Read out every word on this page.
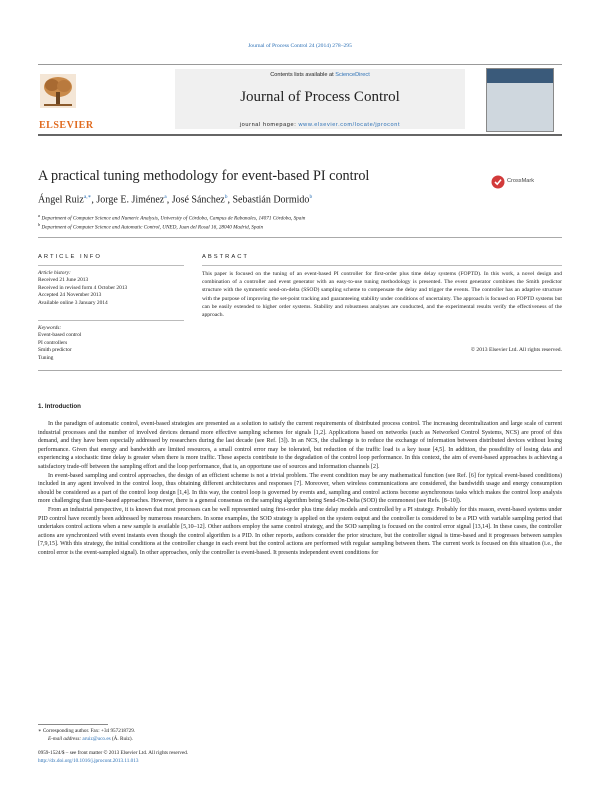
Journal of Process Control 24 (2014) 278–295
Contents lists available at ScienceDirect
Journal of Process Control
journal homepage: www.elsevier.com/locate/jprocont
ELSEVIER
A practical tuning methodology for event-based PI control	CrossMark
Ángel Ruiz$^{a,∗}$, Jorge E. Jiménez$^a$, José Sánchez$^b$, Sebastián Dormido$^b$
$^a$ Department of Computer Science and Numeric Analysis, University of Córdoba, Campus de Rabanales, 14071 Córdoba, Spain
$^b$ Department of Computer Science and Automatic Control, UNED, Juan del Rosal 16, 28040 Madrid, Spain
ARTICLE INFO
Article history:
Received 21 June 2013
Received in revised form 4 October 2013
Accepted 24 November 2013
Available online 3 January 2014
Keywords:
Event-based control
PI controllers
Smith predictor
Tuning
ABSTRACT
This paper is focused on the tuning of an event-based PI controller for first-order plus time delay systems (FOPTD). In this work, a novel design and combination of a controller and event generator with an easy-to-use tuning methodology is presented. The event generator combines the Smith predictor structure with the symmetric send-on-delta (SSOD) sampling scheme to compensate the delay and trigger the events. The controller has an adaptive structure with the purpose of improving the set-point tracking and guaranteeing stability under conditions of uncertainty. The approach is focused on FOPTD systems but can be easily extended to higher order systems. Stability and robustness analyses are conducted, and the experimental results verify the effectiveness of the approach.
© 2013 Elsevier Ltd. All rights reserved.
1. Introduction

In the paradigm of automatic control, event-based strategies are presented as a solution to satisfy the current requirements of distributed process control. The increasing decentralization and large scale of current industrial processes and the number of involved devices demand more effective sampling schemes for signals [1,2]. Applications based on networks (such as Networked Control Systems, NCS) are proof of this demand, and they have been especially addressed by researchers during the last decade (see Ref. [3]). In an NCS, the challenge is to reduce the exchange of information between distributed devices without losing performance. Given that energy and bandwidth are limited resources, a small control error may be tolerated, but reduction of the traffic load is a key issue [4,5]. In addition, the possibility of losing data and experiencing a stochastic time delay is greater when there is more traffic. These aspects contribute to the degradation of the control loop performance. In this context, the aim of event-based approaches is achieving a satisfactory trade-off between the sampling effort and the loop performance, that is, an opportune use of sources and information channels [2].

In event-based sampling and control approaches, the design of an efficient scheme is not a trivial problem. The event condition may be any mathematical function (see Ref. [6] for typical event-based conditions) included in any agent involved in the control loop, thus obtaining different architectures and responses [7]. Moreover, when wireless communications are considered, the bandwidth usage and energy consumption should be considered as a part of the control loop design [1,4]. In this way, the control loop is governed by events and, sampling and control actions become asynchronous tasks which makes the control loop analysis more challenging than time-based approaches. However, there is a general consensus on the sampling algorithm being Send-On-Delta (SOD) the commonest (see Refs. [8–10]).

From an industrial perspective, it is known that most processes can be well represented using first-order plus time delay models and controlled by a PI strategy. Probably for this reason, event-based systems under PID control have recently been addressed by numerous researchers. In some examples, the SOD strategy is applied on the system output and the controller is considered to be a PID with variable sampling period that undertakes control actions when a new sample is available [5,10–12]. Other authors employ the same control strategy, and the SOD sampling is focused on the control error signal [13,14]. In these cases, the controller actions are synchronized with event instants even though the control algorithm is a PID. In other reports, authors consider the prior structure, but the controller signal is time-based and it progresses between samples [7,9,15]. With this strategy, the initial conditions at the controller change in each event but the control actions are performed with regular sampling between them. The current work is focused on this situation (i.e., the control error is the event-sampled signal). In other approaches, only the controller is event-based. It presents independent event conditions for

∗ Corresponding author. Fax: +34 957218729.
E-mail address: aruiz@uco.es (Á. Ruiz).
0959-1524/$ – see front matter © 2013 Elsevier Ltd. All rights reserved.
http://dx.doi.org/10.1016/j.jprocont.2013.11.013
